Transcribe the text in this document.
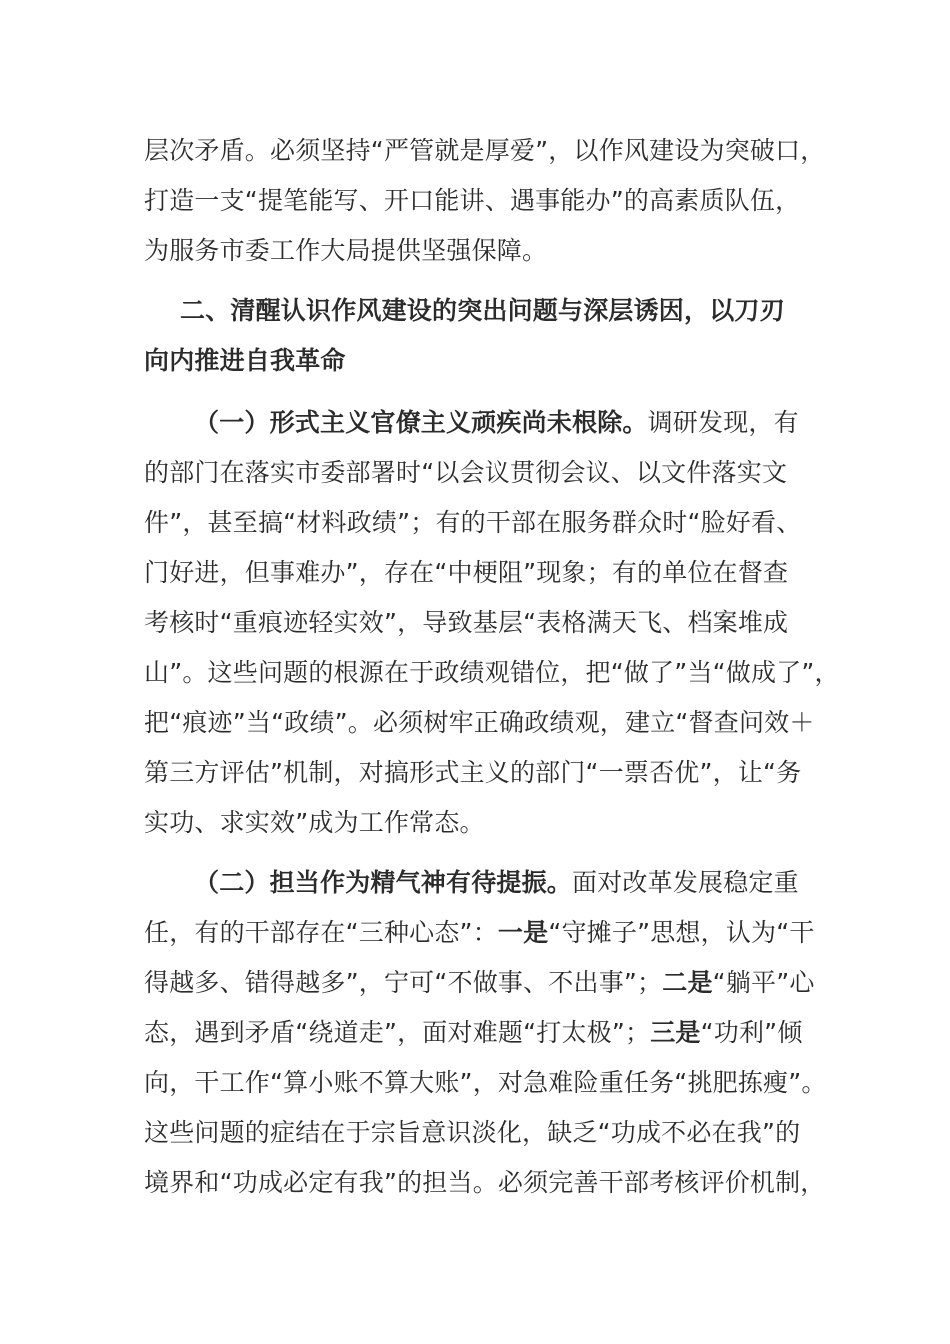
层次矛盾。必须坚持“严管就是厚爱”，以作风建设为突破口，
打造一支“提笔能写、开口能讲、遇事能办”的高素质队伍，
为服务市委工作大局提供坚强保障。
二、清醒认识作风建设的突出问题与深层诱因，以刀刃
向内推进自我革命
（一）形式主义官僚主义顽疾尚未根除。调研发现，有
的部门在落实市委部署时“以会议贯彻会议、以文件落实文
件”，甚至搞“材料政绩”；有的干部在服务群众时“脸好看、
门好进，但事难办”，存在“中梗阻”现象；有的单位在督查
考核时“重痕迹轻实效”，导致基层“表格满天飞、档案堆成
山”。这些问题的根源在于政绩观错位，把“做了”当“做成了”，
把“痕迹”当“政绩”。必须树牢正确政绩观，建立“督查问效＋
第三方评估”机制，对搞形式主义的部门“一票否优”，让“务
实功、求实效”成为工作常态。
（二）担当作为精气神有待提振。面对改革发展稳定重
任，有的干部存在“三种心态”：一是“守摊子”思想，认为“干
得越多、错得越多”，宁可“不做事、不出事”；二是“躺平”心
态，遇到矛盾“绕道走”，面对难题“打太极”；三是“功利”倾
向，干工作“算小账不算大账”，对急难险重任务“挑肥拣瘦”。
这些问题的症结在于宗旨意识淡化，缺乏“功成不必在我”的
境界和“功成必定有我”的担当。必须完善干部考核评价机制，
